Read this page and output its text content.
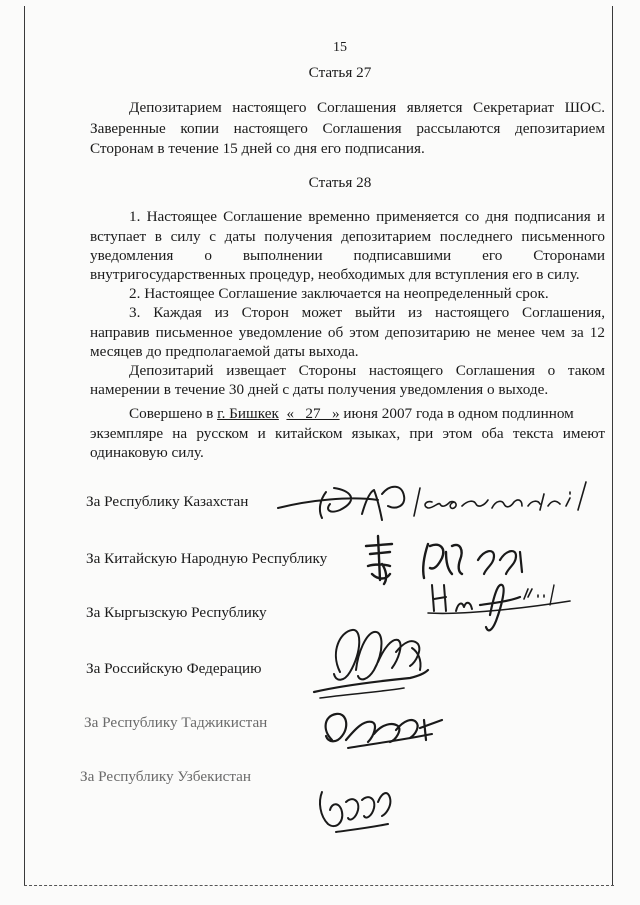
15
Статья 27
Депозитарием настоящего Соглашения является Секретариат ШОС.
Заверенные копии настоящего Соглашения рассылаются депозитарием
Сторонам в течение 15 дней со дня его подписания.
Статья 28
1. Настоящее Соглашение временно применяется со дня подписания и
вступает в силу с даты получения депозитарием последнего письменного
уведомления о выполнении подписавшими его Сторонами
внутригосударственных процедур, необходимых для вступления его в силу.
2. Настоящее Соглашение заключается на неопределенный срок.
3. Каждая из Сторон может выйти из настоящего Соглашения,
направив письменное уведомление об этом депозитарию не менее чем за 12
месяцев до предполагаемой даты выхода.
Депозитарий извещает Стороны настоящего Соглашения о таком
намерении в течение 30 дней с даты получения уведомления о выходе.
Совершено в г. Бишкек «   27   » июня 2007 года в одном подлинном
экземпляре на русском и китайском языках, при этом оба текста имеют
одинаковую силу.
За Республику Казахстан
За Китайскую Народную Республику
За Кыргызскую Республику
За Российскую Федерацию
За Республику Таджикистан
За Республику Узбекистан
